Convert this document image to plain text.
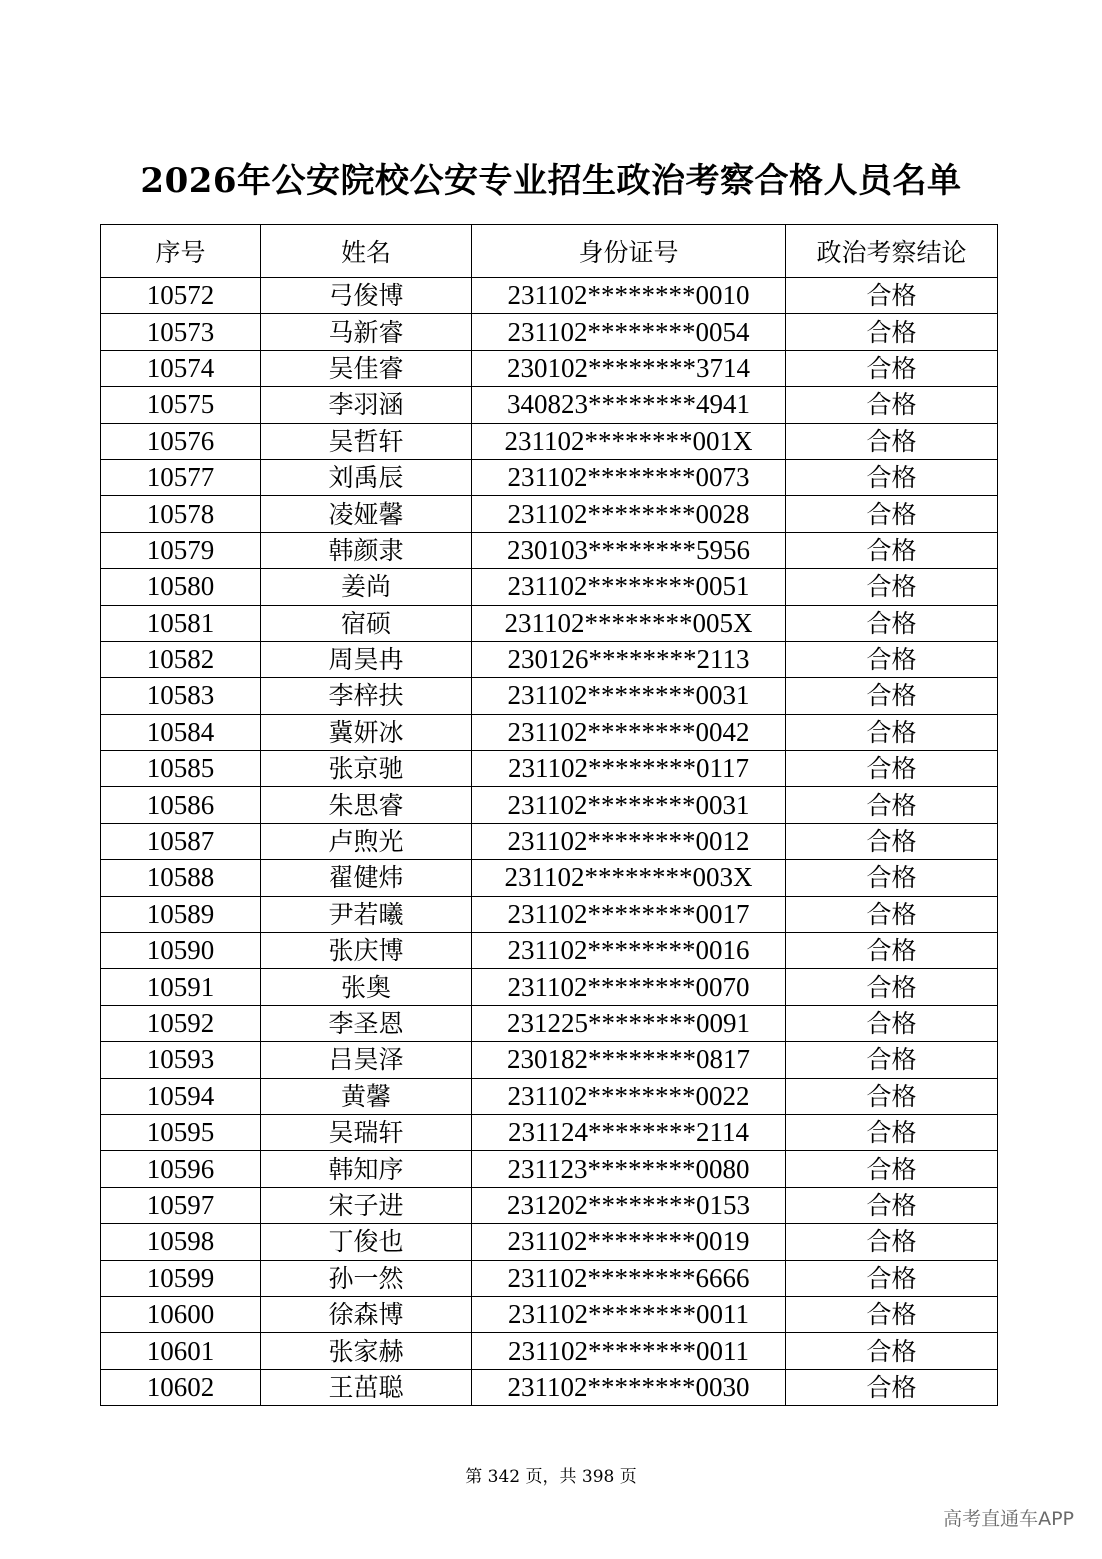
2026年公安院校公安专业招生政治考察合格人员名单
序号	姓名	身份证号	政治考察结论
10572	弓俊博	231102********0010	合格
10573	马新睿	231102********0054	合格
10574	吴佳睿	230102********3714	合格
10575	李羽涵	340823********4941	合格
10576	吴哲轩	231102********001X	合格
10577	刘禹辰	231102********0073	合格
10578	凌娅馨	231102********0028	合格
10579	韩颜隶	230103********5956	合格
10580	姜尚	231102********0051	合格
10581	宿硕	231102********005X	合格
10582	周昊冉	230126********2113	合格
10583	李梓扶	231102********0031	合格
10584	冀妍冰	231102********0042	合格
10585	张京驰	231102********0117	合格
10586	朱思睿	231102********0031	合格
10587	卢煦光	231102********0012	合格
10588	翟健炜	231102********003X	合格
10589	尹若曦	231102********0017	合格
10590	张庆博	231102********0016	合格
10591	张奥	231102********0070	合格
10592	李圣恩	231225********0091	合格
10593	吕昊泽	230182********0817	合格
10594	黄馨	231102********0022	合格
10595	吴瑞轩	231124********2114	合格
10596	韩知序	231123********0080	合格
10597	宋子进	231202********0153	合格
10598	丁俊也	231102********0019	合格
10599	孙一然	231102********6666	合格
10600	徐森博	231102********0011	合格
10601	张家赫	231102********0011	合格
10602	王茁聪	231102********0030	合格
第 342 页，共 398 页
高考直通车APP
